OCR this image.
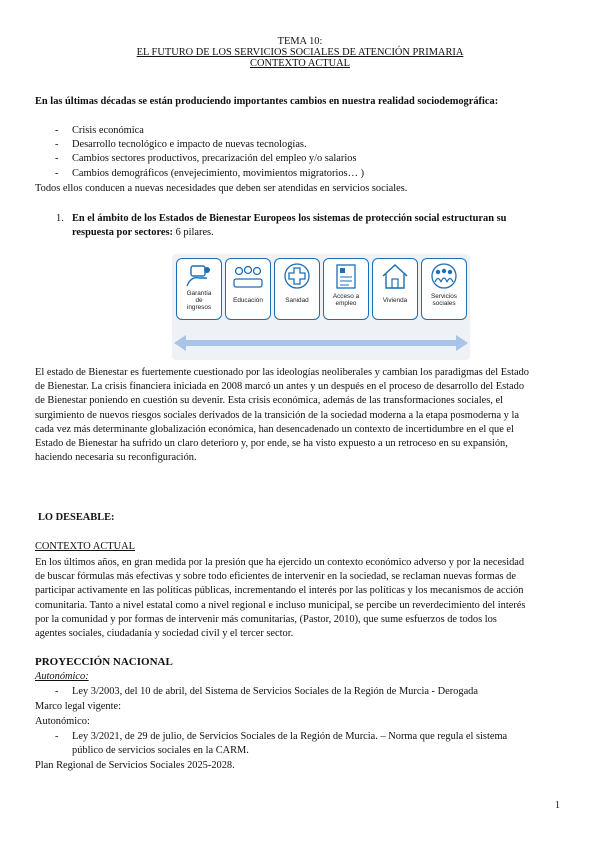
TEMA 10:
EL FUTURO DE LOS SERVICIOS SOCIALES DE ATENCIÓN PRIMARIA
CONTEXTO ACTUAL
En las últimas décadas se están produciendo importantes cambios en nuestra realidad sociodemográfica:
- Crisis económica
- Desarrollo tecnológico e impacto de nuevas tecnologías.
- Cambios sectores productivos, precarización del empleo y/o salarios
- Cambios demográficos (envejecimiento, movimientos migratorios… )
Todos ellos conducen a nuevas necesidades que deben ser atendidas en servicios sociales.
1. En el ámbito de los Estados de Bienestar Europeos los sistemas de protección social estructuran su
respuesta por sectores: 6 pilares.
Garantía
de
ingresos
Educación	Sanidad
Acceso a
empleo	Vivienda
Servicios
sociales
El estado de Bienestar es fuertemente cuestionado por las ideologías neoliberales y cambian los paradigmas del Estado
de Bienestar. La crisis financiera iniciada en 2008 marcó un antes y un después en el proceso de desarrollo del Estado
de Bienestar poniendo en cuestión su devenir. Esta crisis económica, además de las transformaciones sociales, el
surgimiento de nuevos riesgos sociales derivados de la transición de la sociedad moderna a la etapa posmoderna y la
cada vez más determinante globalización económica, han desencadenado un contexto de incertidumbre en el que el
Estado de Bienestar ha sufrido un claro deterioro y, por ende, se ha visto expuesto a un retroceso en su expansión,
haciendo necesaria su reconfiguración.
LO DESEABLE:
CONTEXTO ACTUAL
En los últimos años, en gran medida por la presión que ha ejercido un contexto económico adverso y por la necesidad
de buscar fórmulas más efectivas y sobre todo eficientes de intervenir en la sociedad, se reclaman nuevas formas de
participar activamente en las políticas públicas, incrementando el interés por las políticas y los mecanismos de acción
comunitaria. Tanto a nivel estatal como a nivel regional e incluso municipal, se percibe un reverdecimiento del interés
por la comunidad y por formas de intervenir más comunitarias, (Pastor, 2010), que sume esfuerzos de todos los
agentes sociales, ciudadanía y sociedad civil y el tercer sector.
PROYECCIÓN NACIONAL
Autonómico:
- Ley 3/2003, del 10 de abril, del Sistema de Servicios Sociales de la Región de Murcia - Derogada
Marco legal vigente:
Autonómico:
- Ley 3/2021, de 29 de julio, de Servicios Sociales de la Región de Murcia. – Norma que regula el sistema
público de servicios sociales en la CARM.
Plan Regional de Servicios Sociales 2025-2028.
1
